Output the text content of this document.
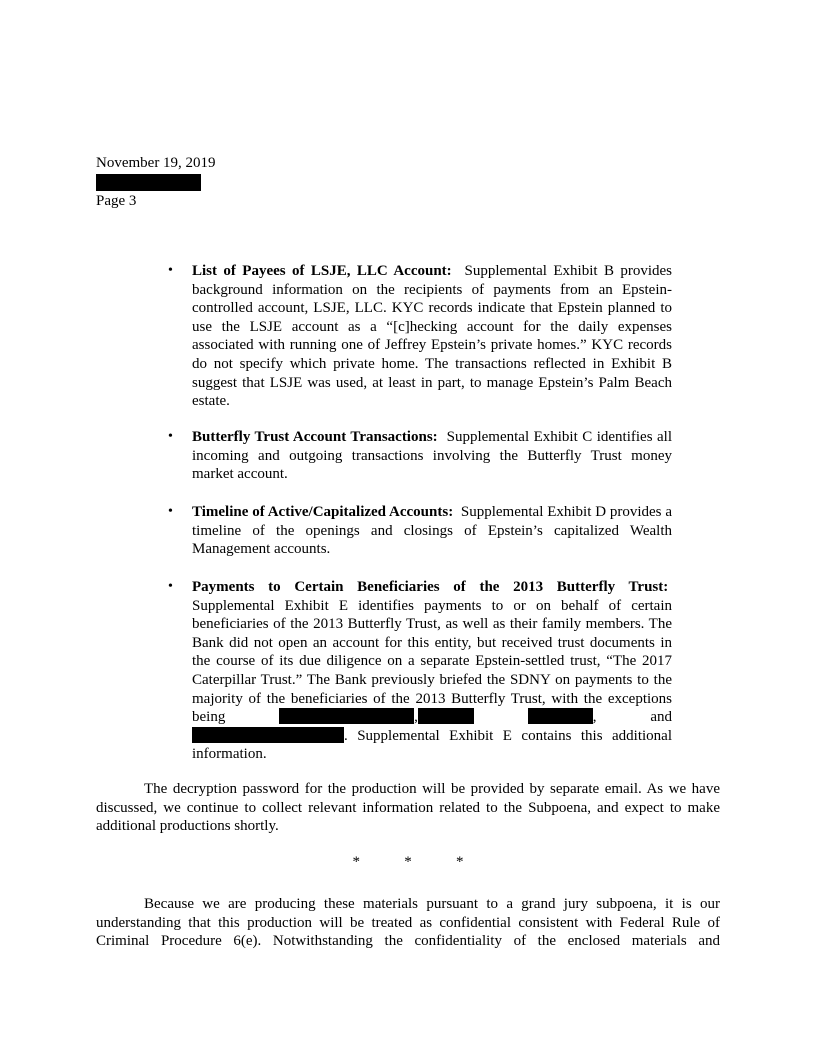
November 19, 2019
Page 3
• List of Payees of LSJE, LLC Account: Supplemental Exhibit B provides background information on the recipients of payments from an Epstein-controlled account, LSJE, LLC. KYC records indicate that Epstein planned to use the LSJE account as a “[c]hecking account for the daily expenses associated with running one of Jeffrey Epstein’s private homes.” KYC records do not specify which private home. The transactions reflected in Exhibit B suggest that LSJE was used, at least in part, to manage Epstein’s Palm Beach estate.
• Butterfly Trust Account Transactions: Supplemental Exhibit C identifies all incoming and outgoing transactions involving the Butterfly Trust money market account.
• Timeline of Active/Capitalized Accounts: Supplemental Exhibit D provides a timeline of the openings and closings of Epstein’s capitalized Wealth Management accounts.
• Payments to Certain Beneficiaries of the 2013 Butterfly Trust:  Supplemental Exhibit E identifies payments to or on behalf of certain beneficiaries of the 2013 Butterfly Trust, as well as their family members. The Bank did not open an account for this entity, but received trust documents in the course of its due diligence on a separate Epstein-settled trust, “The 2017 Caterpillar Trust.” The Bank previously briefed the SDNY on payments to the majority of the beneficiaries of the 2013 Butterfly Trust, with the exceptions being	,	, and. Supplemental Exhibit E contains this additional information.
The decryption password for the production will be provided by separate email. As we have discussed, we continue to collect relevant information related to the Subpoena, and expect to make additional productions shortly.
*	*	*
Because we are producing these materials pursuant to a grand jury subpoena, it is our understanding that this production will be treated as confidential consistent with Federal Rule of Criminal Procedure 6(e). Notwithstanding the confidentiality of the enclosed materials and
